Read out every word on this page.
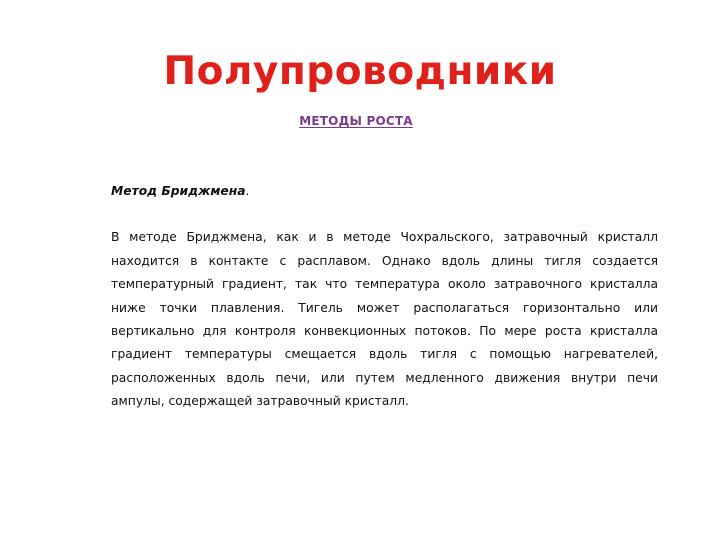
Полупроводники

МЕТОДЫ РОСТА

Метод Бриджмена.

В методе Бриджмена, как и в методе Чохральского, затравочный кристалл находится в контакте с расплавом. Однако вдоль длины тигля создается температурный градиент, так что температура около затравочного кристалла ниже точки плавления. Тигель может располагаться горизонтально или вертикально для контроля конвекционных потоков. По мере роста кристалла градиент температуры смещается вдоль тигля с помощью нагревателей, расположенных вдоль печи, или путем медленного движения внутри печи ампулы, содержащей затравочный кристалл.
